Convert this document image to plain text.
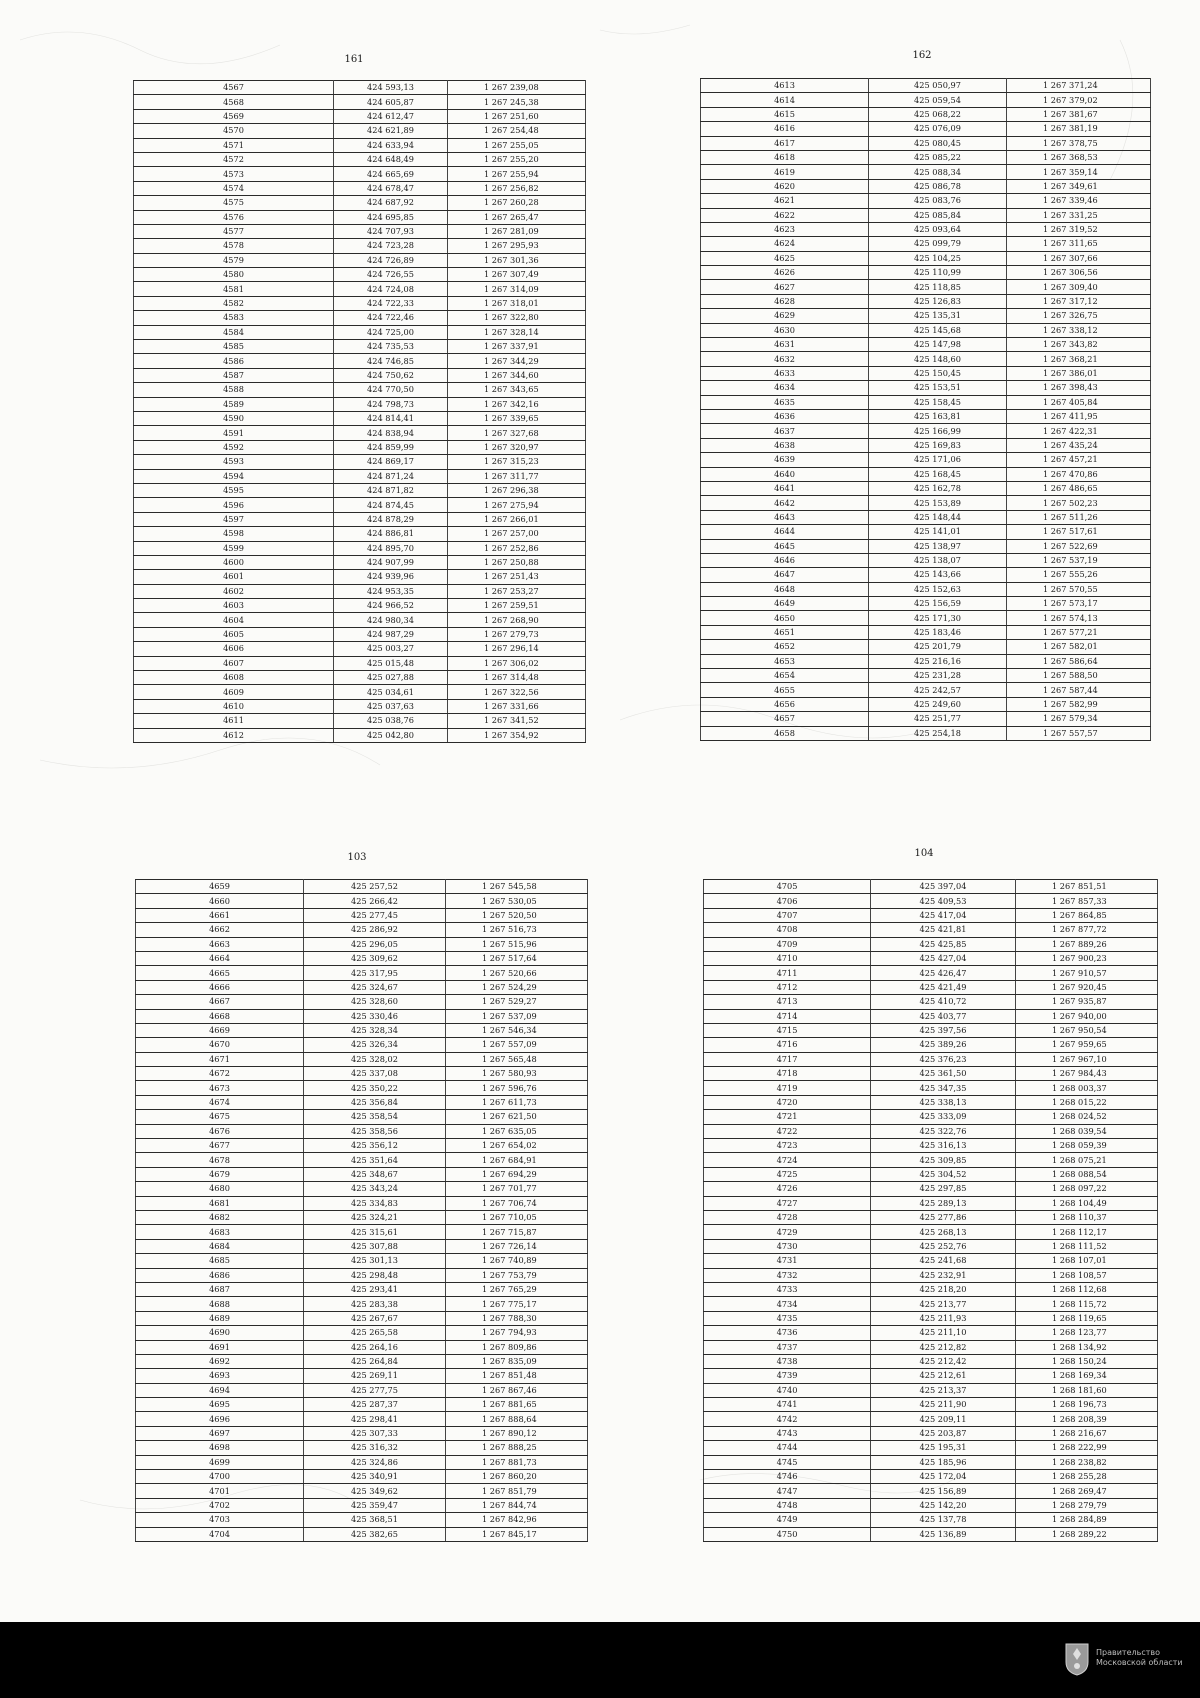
161
4567	424 593,13	1 267 239,08
4568	424 605,87	1 267 245,38
4569	424 612,47	1 267 251,60
4570	424 621,89	1 267 254,48
4571	424 633,94	1 267 255,05
4572	424 648,49	1 267 255,20
4573	424 665,69	1 267 255,94
4574	424 678,47	1 267 256,82
4575	424 687,92	1 267 260,28
4576	424 695,85	1 267 265,47
4577	424 707,93	1 267 281,09
4578	424 723,28	1 267 295,93
4579	424 726,89	1 267 301,36
4580	424 726,55	1 267 307,49
4581	424 724,08	1 267 314,09
4582	424 722,33	1 267 318,01
4583	424 722,46	1 267 322,80
4584	424 725,00	1 267 328,14
4585	424 735,53	1 267 337,91
4586	424 746,85	1 267 344,29
4587	424 750,62	1 267 344,60
4588	424 770,50	1 267 343,65
4589	424 798,73	1 267 342,16
4590	424 814,41	1 267 339,65
4591	424 838,94	1 267 327,68
4592	424 859,99	1 267 320,97
4593	424 869,17	1 267 315,23
4594	424 871,24	1 267 311,77
4595	424 871,82	1 267 296,38
4596	424 874,45	1 267 275,94
4597	424 878,29	1 267 266,01
4598	424 886,81	1 267 257,00
4599	424 895,70	1 267 252,86
4600	424 907,99	1 267 250,88
4601	424 939,96	1 267 251,43
4602	424 953,35	1 267 253,27
4603	424 966,52	1 267 259,51
4604	424 980,34	1 267 268,90
4605	424 987,29	1 267 279,73
4606	425 003,27	1 267 296,14
4607	425 015,48	1 267 306,02
4608	425 027,88	1 267 314,48
4609	425 034,61	1 267 322,56
4610	425 037,63	1 267 331,66
4611	425 038,76	1 267 341,52
4612	425 042,80	1 267 354,92
162
4613	425 050,97	1 267 371,24
4614	425 059,54	1 267 379,02
4615	425 068,22	1 267 381,67
4616	425 076,09	1 267 381,19
4617	425 080,45	1 267 378,75
4618	425 085,22	1 267 368,53
4619	425 088,34	1 267 359,14
4620	425 086,78	1 267 349,61
4621	425 083,76	1 267 339,46
4622	425 085,84	1 267 331,25
4623	425 093,64	1 267 319,52
4624	425 099,79	1 267 311,65
4625	425 104,25	1 267 307,66
4626	425 110,99	1 267 306,56
4627	425 118,85	1 267 309,40
4628	425 126,83	1 267 317,12
4629	425 135,31	1 267 326,75
4630	425 145,68	1 267 338,12
4631	425 147,98	1 267 343,82
4632	425 148,60	1 267 368,21
4633	425 150,45	1 267 386,01
4634	425 153,51	1 267 398,43
4635	425 158,45	1 267 405,84
4636	425 163,81	1 267 411,95
4637	425 166,99	1 267 422,31
4638	425 169,83	1 267 435,24
4639	425 171,06	1 267 457,21
4640	425 168,45	1 267 470,86
4641	425 162,78	1 267 486,65
4642	425 153,89	1 267 502,23
4643	425 148,44	1 267 511,26
4644	425 141,01	1 267 517,61
4645	425 138,97	1 267 522,69
4646	425 138,07	1 267 537,19
4647	425 143,66	1 267 555,26
4648	425 152,63	1 267 570,55
4649	425 156,59	1 267 573,17
4650	425 171,30	1 267 574,13
4651	425 183,46	1 267 577,21
4652	425 201,79	1 267 582,01
4653	425 216,16	1 267 586,64
4654	425 231,28	1 267 588,50
4655	425 242,57	1 267 587,44
4656	425 249,60	1 267 582,99
4657	425 251,77	1 267 579,34
4658	425 254,18	1 267 557,57
103
4659	425 257,52	1 267 545,58
4660	425 266,42	1 267 530,05
4661	425 277,45	1 267 520,50
4662	425 286,92	1 267 516,73
4663	425 296,05	1 267 515,96
4664	425 309,62	1 267 517,64
4665	425 317,95	1 267 520,66
4666	425 324,67	1 267 524,29
4667	425 328,60	1 267 529,27
4668	425 330,46	1 267 537,09
4669	425 328,34	1 267 546,34
4670	425 326,34	1 267 557,09
4671	425 328,02	1 267 565,48
4672	425 337,08	1 267 580,93
4673	425 350,22	1 267 596,76
4674	425 356,84	1 267 611,73
4675	425 358,54	1 267 621,50
4676	425 358,56	1 267 635,05
4677	425 356,12	1 267 654,02
4678	425 351,64	1 267 684,91
4679	425 348,67	1 267 694,29
4680	425 343,24	1 267 701,77
4681	425 334,83	1 267 706,74
4682	425 324,21	1 267 710,05
4683	425 315,61	1 267 715,87
4684	425 307,88	1 267 726,14
4685	425 301,13	1 267 740,89
4686	425 298,48	1 267 753,79
4687	425 293,41	1 267 765,29
4688	425 283,38	1 267 775,17
4689	425 267,67	1 267 788,30
4690	425 265,58	1 267 794,93
4691	425 264,16	1 267 809,86
4692	425 264,84	1 267 835,09
4693	425 269,11	1 267 851,48
4694	425 277,75	1 267 867,46
4695	425 287,37	1 267 881,65
4696	425 298,41	1 267 888,64
4697	425 307,33	1 267 890,12
4698	425 316,32	1 267 888,25
4699	425 324,86	1 267 881,73
4700	425 340,91	1 267 860,20
4701	425 349,62	1 267 851,79
4702	425 359,47	1 267 844,74
4703	425 368,51	1 267 842,96
4704	425 382,65	1 267 845,17
104
4705	425 397,04	1 267 851,51
4706	425 409,53	1 267 857,33
4707	425 417,04	1 267 864,85
4708	425 421,81	1 267 877,72
4709	425 425,85	1 267 889,26
4710	425 427,04	1 267 900,23
4711	425 426,47	1 267 910,57
4712	425 421,49	1 267 920,45
4713	425 410,72	1 267 935,87
4714	425 403,77	1 267 940,00
4715	425 397,56	1 267 950,54
4716	425 389,26	1 267 959,65
4717	425 376,23	1 267 967,10
4718	425 361,50	1 267 984,43
4719	425 347,35	1 268 003,37
4720	425 338,13	1 268 015,22
4721	425 333,09	1 268 024,52
4722	425 322,76	1 268 039,54
4723	425 316,13	1 268 059,39
4724	425 309,85	1 268 075,21
4725	425 304,52	1 268 088,54
4726	425 297,85	1 268 097,22
4727	425 289,13	1 268 104,49
4728	425 277,86	1 268 110,37
4729	425 268,13	1 268 112,17
4730	425 252,76	1 268 111,52
4731	425 241,68	1 268 107,01
4732	425 232,91	1 268 108,57
4733	425 218,20	1 268 112,68
4734	425 213,77	1 268 115,72
4735	425 211,93	1 268 119,65
4736	425 211,10	1 268 123,77
4737	425 212,82	1 268 134,92
4738	425 212,42	1 268 150,24
4739	425 212,61	1 268 169,34
4740	425 213,37	1 268 181,60
4741	425 211,90	1 268 196,73
4742	425 209,11	1 268 208,39
4743	425 203,87	1 268 216,67
4744	425 195,31	1 268 222,99
4745	425 185,96	1 268 238,82
4746	425 172,04	1 268 255,28
4747	425 156,89	1 268 269,47
4748	425 142,20	1 268 279,79
4749	425 137,78	1 268 284,89
4750	425 136,89	1 268 289,22
Правительство
Московской области
